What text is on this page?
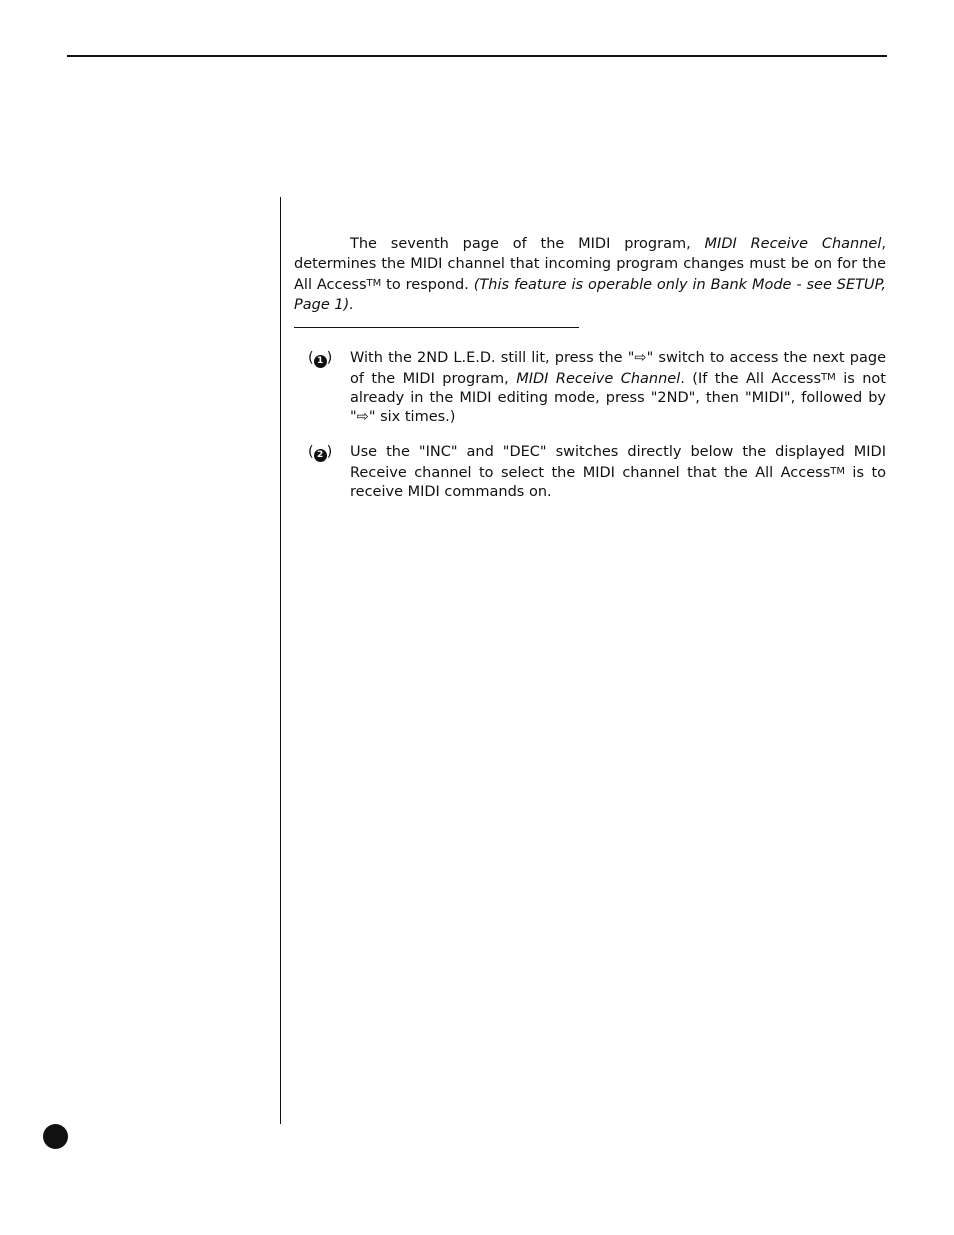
The seventh page of the MIDI program, MIDI Receive Channel, determines the MIDI channel that incoming program changes must be on for the All Access™ to respond. (This feature is operable only in Bank Mode - see SETUP, Page 1).

( 1 ) With the 2ND L.E.D. still lit, press the "⇨" switch to access the next page of the MIDI program, MIDI Receive Channel. (If the All Access™ is not already in the MIDI editing mode, press "2ND", then "MIDI", followed by "⇨" six times.)

( 2 ) Use the "INC" and "DEC" switches directly below the displayed MIDI Receive channel to select the MIDI channel that the All Access™ is to receive MIDI commands on.
